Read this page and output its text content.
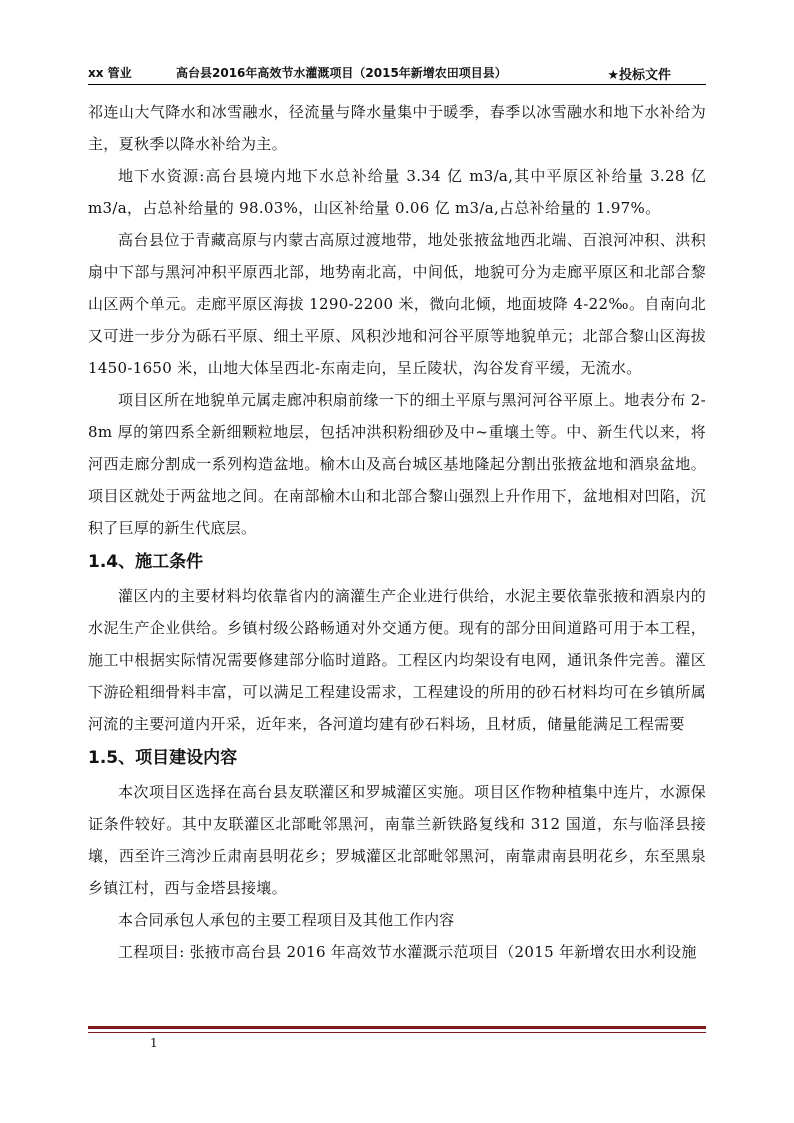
xx 管业	高台县2016年高效节水灌溉项目（2015年新增农田项目县）	★投标文件

祁连山大气降水和冰雪融水，径流量与降水量集中于暖季，春季以冰雪融水和地下水补给为主，夏秋季以降水补给为主。

地下水资源:高台县境内地下水总补给量 3.34 亿 m3/a,其中平原区补给量 3.28 亿 m3/a，占总补给量的 98.03%，山区补给量 0.06 亿 m3/a,占总补给量的 1.97%。

高台县位于青藏高原与内蒙古高原过渡地带，地处张掖盆地西北端、百浪河冲积、洪积扇中下部与黑河冲积平原西北部，地势南北高，中间低，地貌可分为走廊平原区和北部合黎山区两个单元。走廊平原区海拔 1290-2200 米，微向北倾，地面坡降 4-22‰。自南向北又可进一步分为砾石平原、细土平原、风积沙地和河谷平原等地貌单元；北部合黎山区海拔 1450-1650 米，山地大体呈西北-东南走向，呈丘陵状，沟谷发育平缓，无流水。

项目区所在地貌单元属走廊冲积扇前缘一下的细土平原与黑河河谷平原上。地表分布 2-8m 厚的第四系全新细颗粒地层，包括冲洪积粉细砂及中~重壤土等。中、新生代以来，将河西走廊分割成一系列构造盆地。榆木山及高台城区基地隆起分割出张掖盆地和酒泉盆地。项目区就处于两盆地之间。在南部榆木山和北部合黎山强烈上升作用下，盆地相对凹陷，沉积了巨厚的新生代底层。

1.4、施工条件

灌区内的主要材料均依靠省内的滴灌生产企业进行供给，水泥主要依靠张掖和酒泉内的水泥生产企业供给。乡镇村级公路畅通对外交通方便。现有的部分田间道路可用于本工程，施工中根据实际情况需要修建部分临时道路。工程区内均架设有电网，通讯条件完善。灌区下游砼粗细骨料丰富，可以满足工程建设需求，工程建设的所用的砂石材料均可在乡镇所属河流的主要河道内开采，近年来，各河道均建有砂石料场，且材质，储量能满足工程需要

1.5、项目建设内容

本次项目区选择在高台县友联灌区和罗城灌区实施。项目区作物种植集中连片，水源保证条件较好。其中友联灌区北部毗邻黑河，南靠兰新铁路复线和 312 国道，东与临泽县接壤，西至许三湾沙丘肃南县明花乡；罗城灌区北部毗邻黑河，南靠肃南县明花乡，东至黑泉乡镇江村，西与金塔县接壤。

本合同承包人承包的主要工程项目及其他工作内容

工程项目: 张掖市高台县 2016 年高效节水灌溉示范项目（2015 年新增农田水利设施

1
